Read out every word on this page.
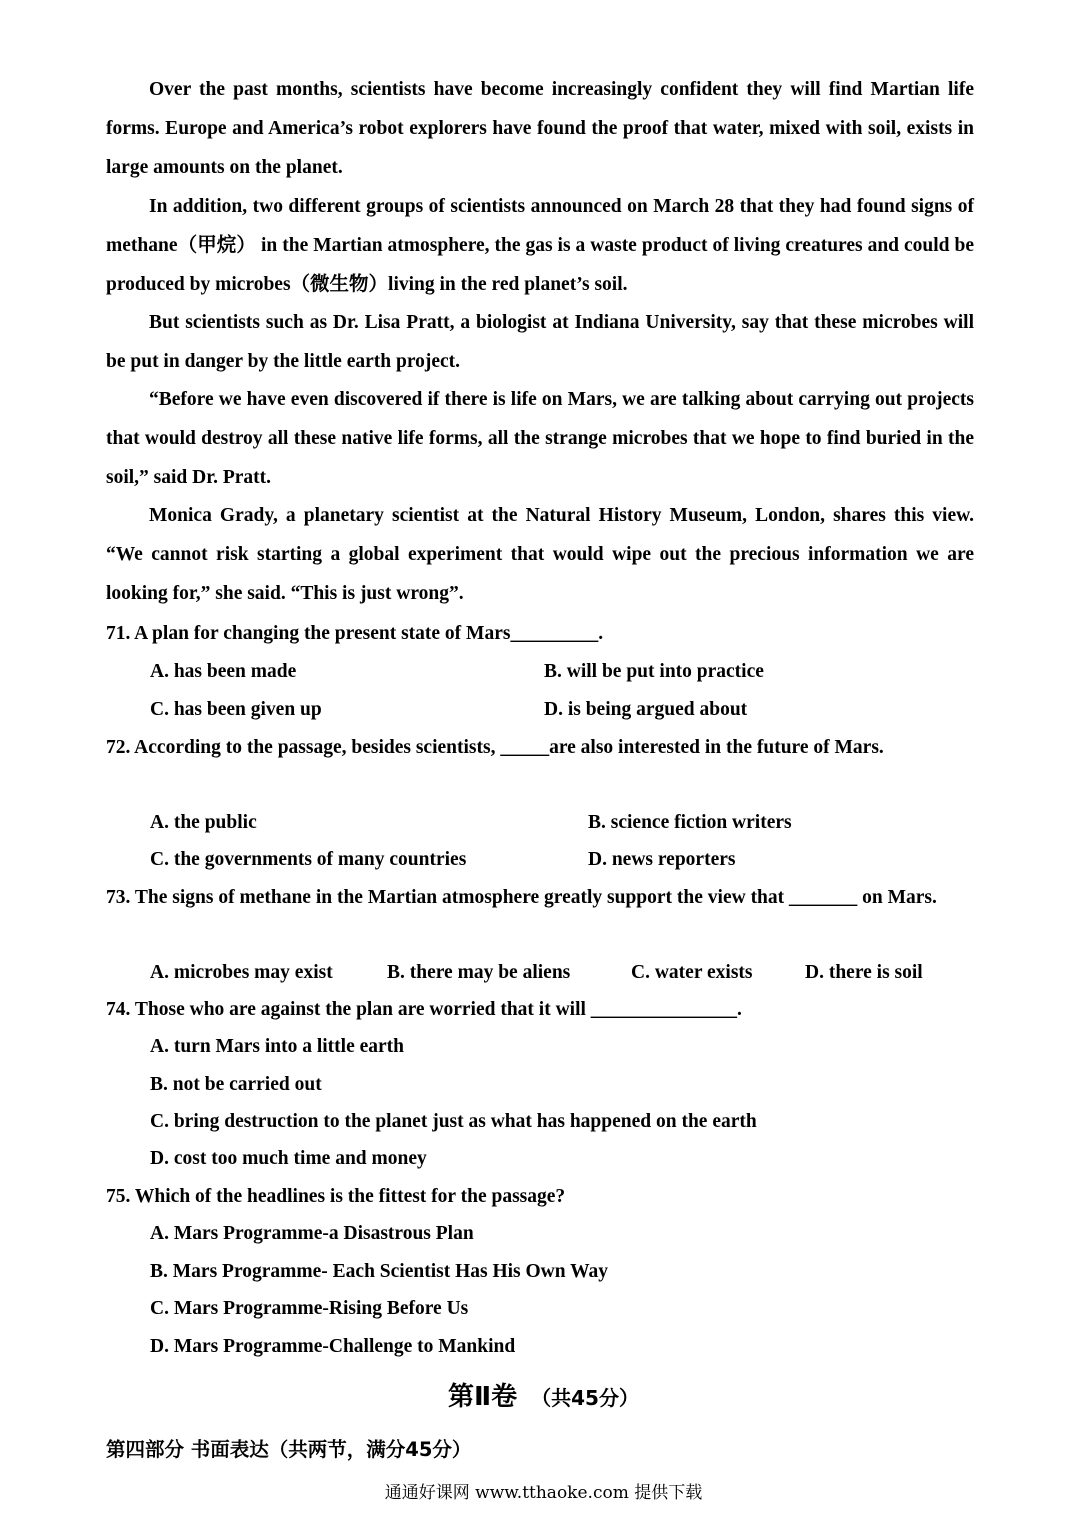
Over the past months, scientists have become increasingly confident they will find Martian life forms. Europe and America’s robot explorers have found the proof that water, mixed with soil, exists in large amounts on the planet.

In addition, two different groups of scientists announced on March 28 that they had found signs of methane（甲烷） in the Martian atmosphere, the gas is a waste product of living creatures and could be produced by microbes（微生物）living in the red planet’s soil.

But scientists such as Dr. Lisa Pratt, a biologist at Indiana University, say that these microbes will be put in danger by the little earth project.

“Before we have even discovered if there is life on Mars, we are talking about carrying out projects that would destroy all these native life forms, all the strange microbes that we hope to find buried in the soil,” said Dr. Pratt.

Monica Grady, a planetary scientist at the Natural History Museum, London, shares this view. “We cannot risk starting a global experiment that would wipe out the precious information we are looking for,” she said. “This is just wrong”.

71. A plan for changing the present state of Mars_________.

A. has been made	B. will be put into practice
C. has been given up	D. is being argued about

72. According to the passage, besides scientists, _____are also interested in the future of Mars.

A. the public	B. science fiction writers
C. the governments of many countries	D. news reporters

73. The signs of methane in the Martian atmosphere greatly support the view that _______ on Mars.

A. microbes may exist	B. there may be aliens	C. water exists	D. there is soil

74. Those who are against the plan are worried that it will _______________.

A. turn Mars into a little earth
B. not be carried out
C. bring destruction to the planet just as what has happened on the earth
D. cost too much time and money

75. Which of the headlines is the fittest for the passage?

A. Mars Programme-a Disastrous Plan
B. Mars Programme- Each Scientist Has His Own Way
C. Mars Programme-Rising Before Us
D. Mars Programme-Challenge to Mankind
第Ⅱ卷 （共45分）
第四部分 书面表达（共两节，满分45分）
通通好课网 www.tthaoke.com 提供下载
